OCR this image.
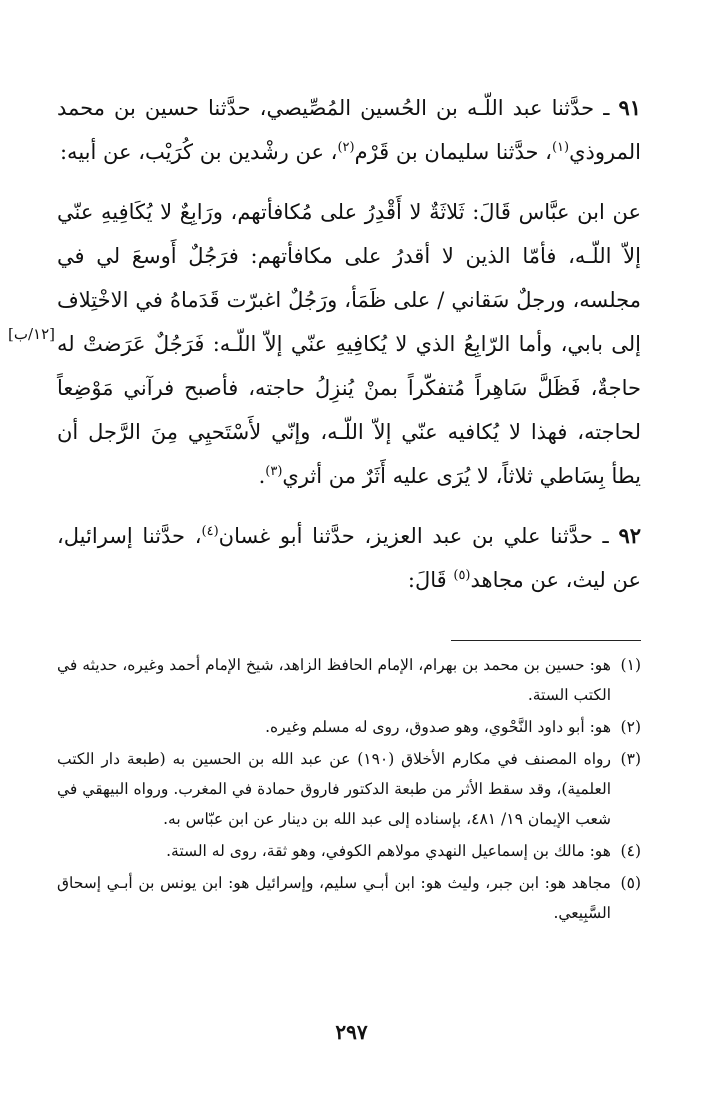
٩١ ـ حدَّثنا عبد اللّـه بن الحُسين المُصِّيصي، حدَّثنا حسين بن محمد المروذي$^{(١)}$، حدَّثنا سليمان بن قَرْم$^{(٢)}$، عن رشْدين بن كُرَيْب، عن أبيه:

عن ابن عبَّاس قَالَ: ثَلاثَةٌ لا أَقْدِرُ على مُكافأتهم، ورَابِعٌ لا يُكَافِيهِ عنّي إلاّ اللّـه، فأمّا الذين لا أقدرُ على مكافأتهم: فرَجُلٌ أَوسعَ لي في مجلسه، ورجلٌ سَقاني / على ظَمَأ، ورَجُلٌ اغبرّت قَدَماهُ في الاخْتِلاف إلى بابي، وأما الرّابِعُ الذي لا يُكافِيهِ عنّي إلاّ اللّـه: فَرَجُلٌ عَرَضتْ له حاجةٌ، فَظَلَّ سَاهِراً مُتفكّراً بمنْ يُنزِلُ حاجته، فأصبح فرآني مَوْضِعاً لحاجته، فهذا لا يُكافيه عنّي إلاّ اللّـه، وإنّي لأَسْتَحيِي مِنَ الرَّجل أن يطأ بِسَاطي ثلاثاً، لا يُرَى عليه أَثَرٌ من أثري$^{(٣)}$.

٩٢ ـ حدَّثنا علي بن عبد العزيز، حدَّثنا أبو غسان$^{(٤)}$، حدَّثنا إسرائيل، عن ليث، عن مجاهد$^{(٥)}$ قَالَ:

[١٢/ب]

(١)
هو: حسين بن محمد بن بهرام، الإمام الحافظ الزاهد، شيخ الإمام أحمد وغيره، حديثه في الكتب الستة.

(٢)
هو: أبو داود النَّحْوي، وهو صدوق، روى له مسلم وغيره.

(٣)
رواه المصنف في مكارم الأخلاق (١٩٠) عن عبد الله بن الحسين به (طبعة دار الكتب العلمية)، وقد سقط الأثر من طبعة الدكتور فاروق حمادة في المغرب. ورواه البيهقي في شعب الإيمان ١٩/ ٤٨١، بإسناده إلى عبد الله بن دينار عن ابن عبّاس به.

(٤)
هو: مالك بن إسماعيل النهدي مولاهم الكوفي، وهو ثقة، روى له الستة.

(٥)
مجاهد هو: ابن جبر، وليث هو: ابن أبـي سليم، وإسرائيل هو: ابن يونس بن أبـي إسحاق السَّبِيعي.

٢٩٧
